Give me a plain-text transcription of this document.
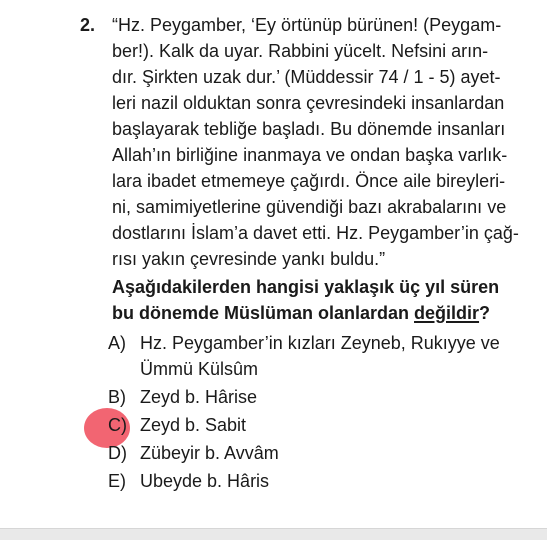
2. “Hz. Peygamber, ‘Ey örtünüp bürünen! (Peygam-
ber!). Kalk da uyar. Rabbini yücelt. Nefsini arın-
dır. Şirkten uzak dur.’ (Müddessir 74 / 1 - 5) ayet-
leri nazil olduktan sonra çevresindeki insanlardan
başlayarak tebliğe başladı. Bu dönemde insanları
Allah’ın birliğine inanmaya ve ondan başka varlık-
lara ibadet etmemeye çağırdı. Önce aile bireyleri-
ni, samimiyetlerine güvendiği bazı akrabalarını ve
dostlarını İslam’a davet etti. Hz. Peygamber’in çağ-
rısı yakın çevresinde yankı buldu.”
Aşağıdakilerden hangisi yaklaşık üç yıl süren
bu dönemde Müslüman olanlardan değildir?
A) Hz. Peygamber’in kızları Zeyneb, Rukıyye ve
Ümmü Külsûm
B) Zeyd b. Hârise
C) Zeyd b. Sabit
D) Zübeyir b. Avvâm
E) Ubeyde b. Hâris
